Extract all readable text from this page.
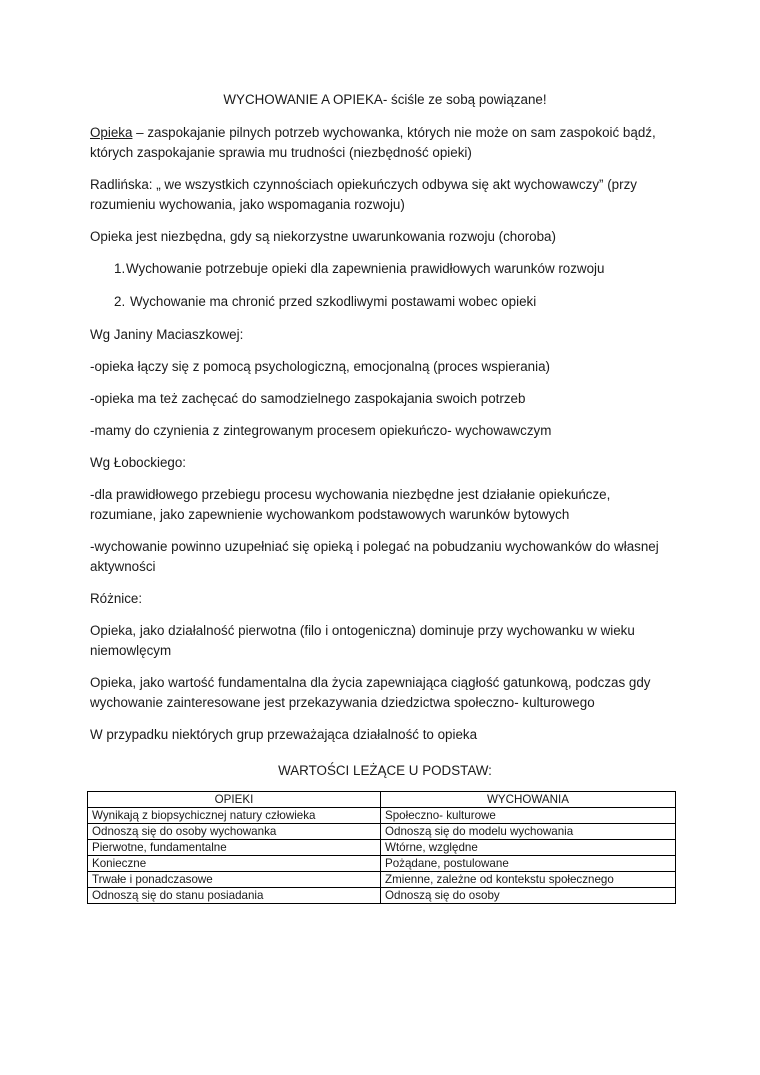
WYCHOWANIE A OPIEKA- ściśle ze sobą powiązane!

Opieka – zaspokajanie pilnych potrzeb wychowanka, których nie może on sam zaspokoić bądź, których zaspokajanie sprawia mu trudności (niezbędność opieki)

Radlińska: „ we wszystkich czynnościach opiekuńczych odbywa się akt wychowawczy” (przy rozumieniu wychowania, jako wspomagania rozwoju)

Opieka jest niezbędna, gdy są niekorzystne uwarunkowania rozwoju (choroba)

1. Wychowanie potrzebuje opieki dla zapewnienia prawidłowych warunków rozwoju
2. Wychowanie ma chronić przed szkodliwymi postawami wobec opieki

Wg Janiny Maciaszkowej:

-opieka łączy się z pomocą psychologiczną, emocjonalną (proces wspierania)

-opieka ma też zachęcać do samodzielnego zaspokajania swoich potrzeb

-mamy do czynienia z zintegrowanym procesem opiekuńczo- wychowawczym

Wg Łobockiego:

-dla prawidłowego przebiegu procesu wychowania niezbędne jest działanie opiekuńcze, rozumiane, jako zapewnienie wychowankom podstawowych warunków bytowych

-wychowanie powinno uzupełniać się opieką i polegać na pobudzaniu wychowanków do własnej aktywności

Różnice:

Opieka, jako działalność pierwotna (filo i ontogeniczna) dominuje przy wychowanku w wieku niemowlęcym

Opieka, jako wartość fundamentalna dla życia zapewniająca ciągłość gatunkową, podczas gdy wychowanie zainteresowane jest przekazywania dziedzictwa społeczno- kulturowego

W przypadku niektórych grup przeważająca działalność to opieka

WARTOŚCI LEŻĄCE U PODSTAW:
OPIEKI	WYCHOWANIA
Wynikają z biopsychicznej natury człowieka	Społeczno- kulturowe
Odnoszą się do osoby wychowanka	Odnoszą się do modelu wychowania
Pierwotne, fundamentalne	Wtórne, względne
Konieczne	Pożądane, postulowane
Trwałe i ponadczasowe	Zmienne, zależne od kontekstu społecznego
Odnoszą się do stanu posiadania	Odnoszą się do osoby
